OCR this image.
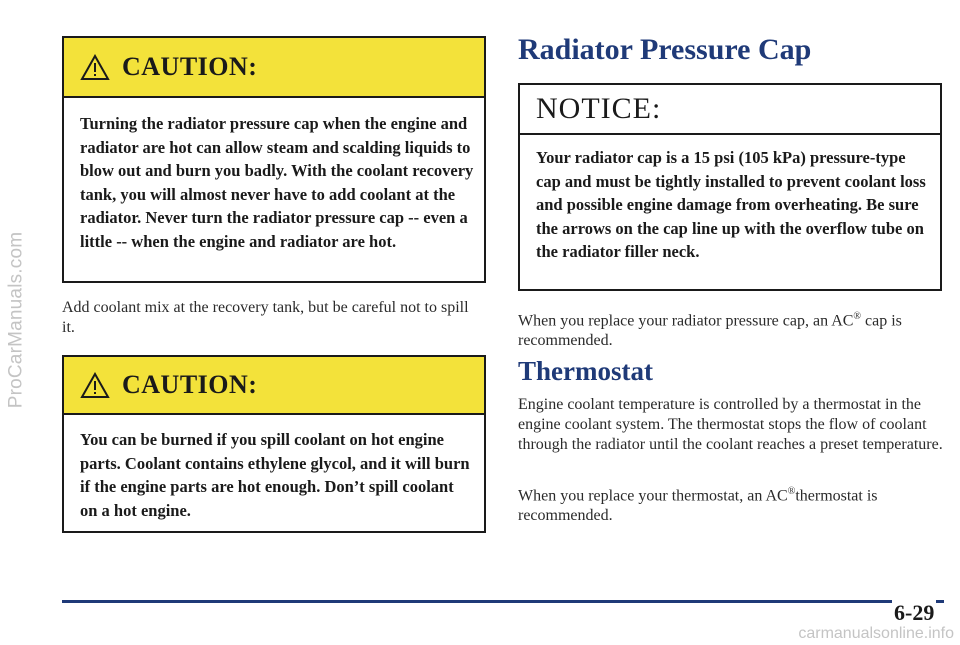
ProCarManuals.com
CAUTION:
Turning the radiator pressure cap when the engine and radiator are hot can allow steam and scalding liquids to blow out and burn you badly. With the coolant recovery tank, you will almost never have to add coolant at the radiator. Never turn the radiator pressure cap -- even a little -- when the engine and radiator are hot.
Add coolant mix at the recovery tank, but be careful not to spill it.
CAUTION:
You can be burned if you spill coolant on hot engine parts. Coolant contains ethylene glycol, and it will burn if the engine parts are hot enough. Don’t spill coolant on a hot engine.
Radiator Pressure Cap
NOTICE:
Your radiator cap is a 15 psi (105 kPa) pressure-type cap and must be tightly installed to prevent coolant loss and possible engine damage from overheating. Be sure the arrows on the cap line up with the overflow tube on the radiator filler neck.
When you replace your radiator pressure cap, an AC® cap is recommended.
Thermostat
Engine coolant temperature is controlled by a thermostat in the engine coolant system. The thermostat stops the flow of coolant through the radiator until the coolant reaches a preset temperature.
When you replace your thermostat, an AC®thermostat is recommended.
6-29
carmanualsonline.info
